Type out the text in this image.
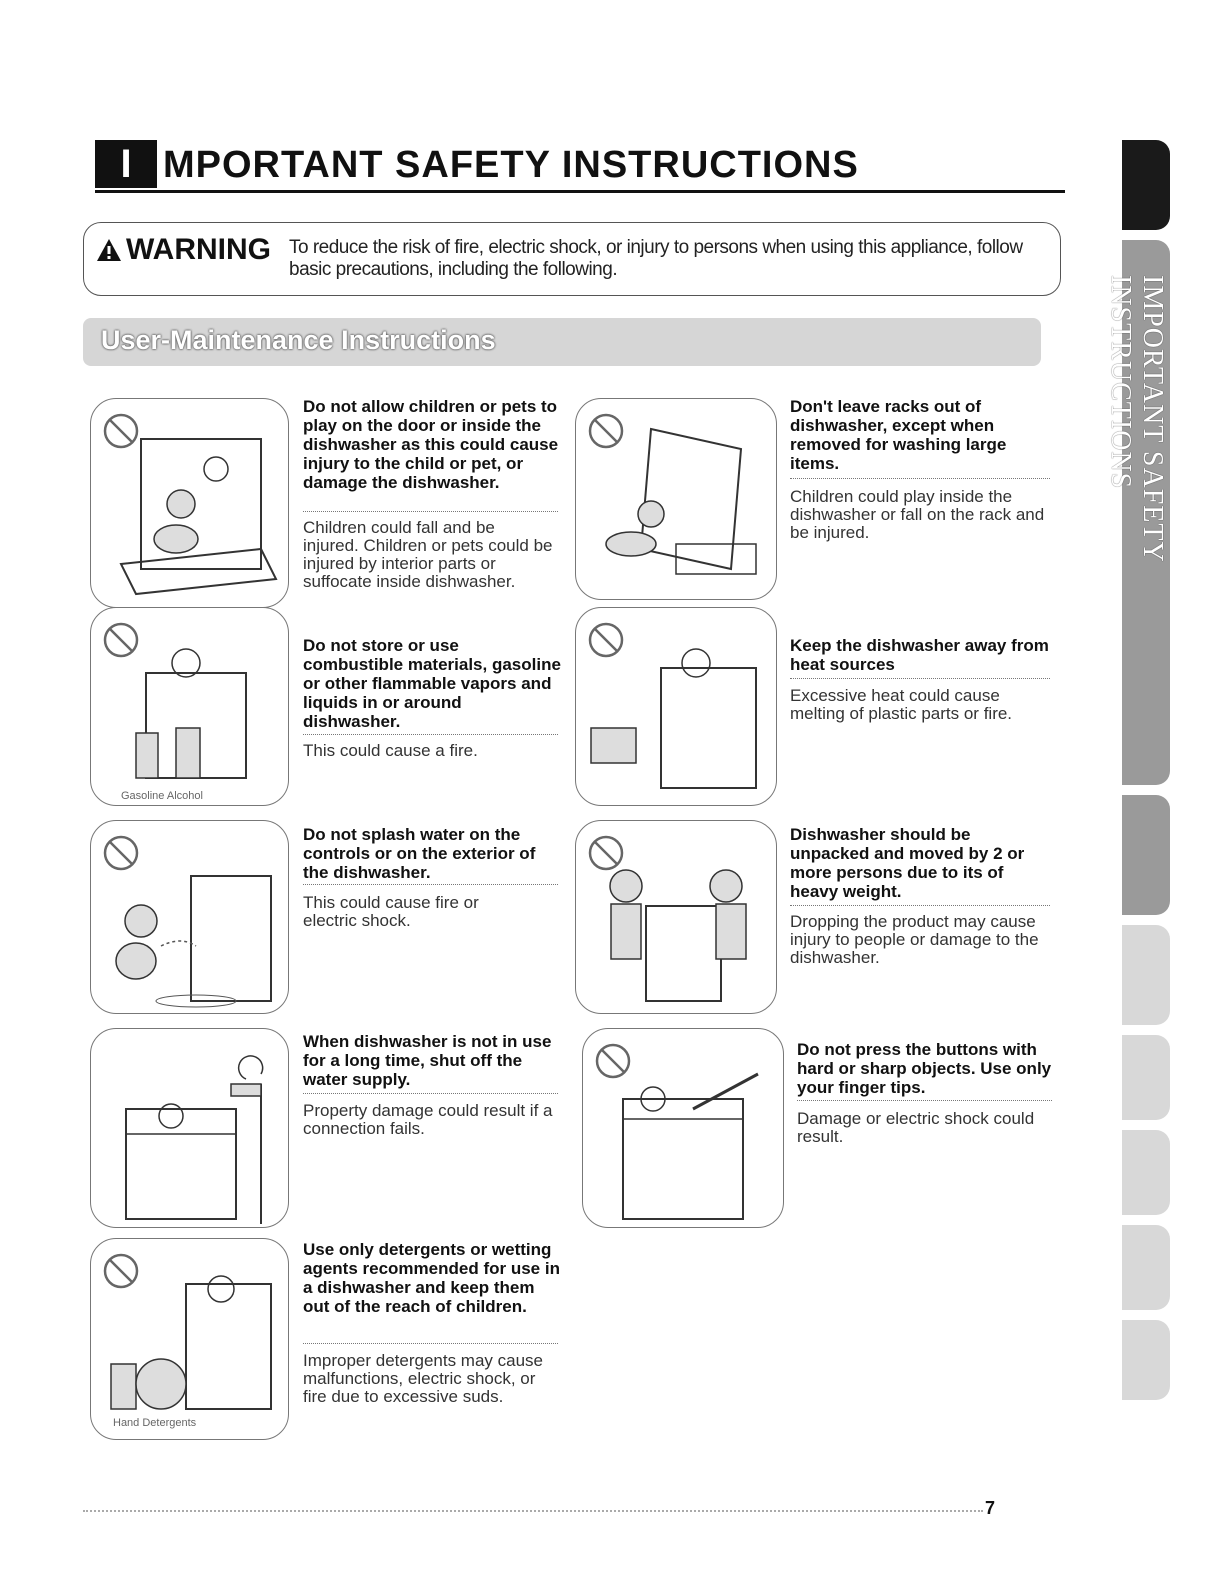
I MPORTANT SAFETY INSTRUCTIONS
WARNING To reduce the risk of fire, electric shock, or injury to persons when using this appliance, follow basic precautions, including the following.
User-Maintenance Instructions	IMPORTANT SAFETY INSTRUCTIONS
Do not allow children or pets to play on the door or inside the dishwasher as this could cause injury to the child or pet, or damage the dishwasher.
Children could fall and be injured. Children or pets could be injured by interior parts or suffocate inside dishwasher.
Don't leave racks out of dishwasher, except when removed for washing large items.
Children could play inside the dishwasher or fall on the rack and be injured.
Gasoline Alcohol
Do not store or use combustible materials, gasoline or other flammable vapors and liquids in or around dishwasher.
This could cause a fire.
Keep the dishwasher away from heat sources
Excessive heat could cause melting of plastic parts or fire.
Do not splash water on the controls or on the exterior of the dishwasher.
This could cause fire or electric shock.
Dishwasher should be unpacked and moved by 2 or more persons due to its of heavy weight.
Dropping the product may cause injury to people or damage to the dishwasher.
When dishwasher is not in use for a long time, shut off the water supply.
Property damage could result if a connection fails.
Do not press the buttons with hard or sharp objects. Use only your finger tips.
Damage or electric shock could result.
Hand Detergents
Use only detergents or wetting agents recommended for use in a dishwasher and keep them out of the reach of children.
Improper detergents may cause malfunctions, electric shock, or fire due to excessive suds.
7
